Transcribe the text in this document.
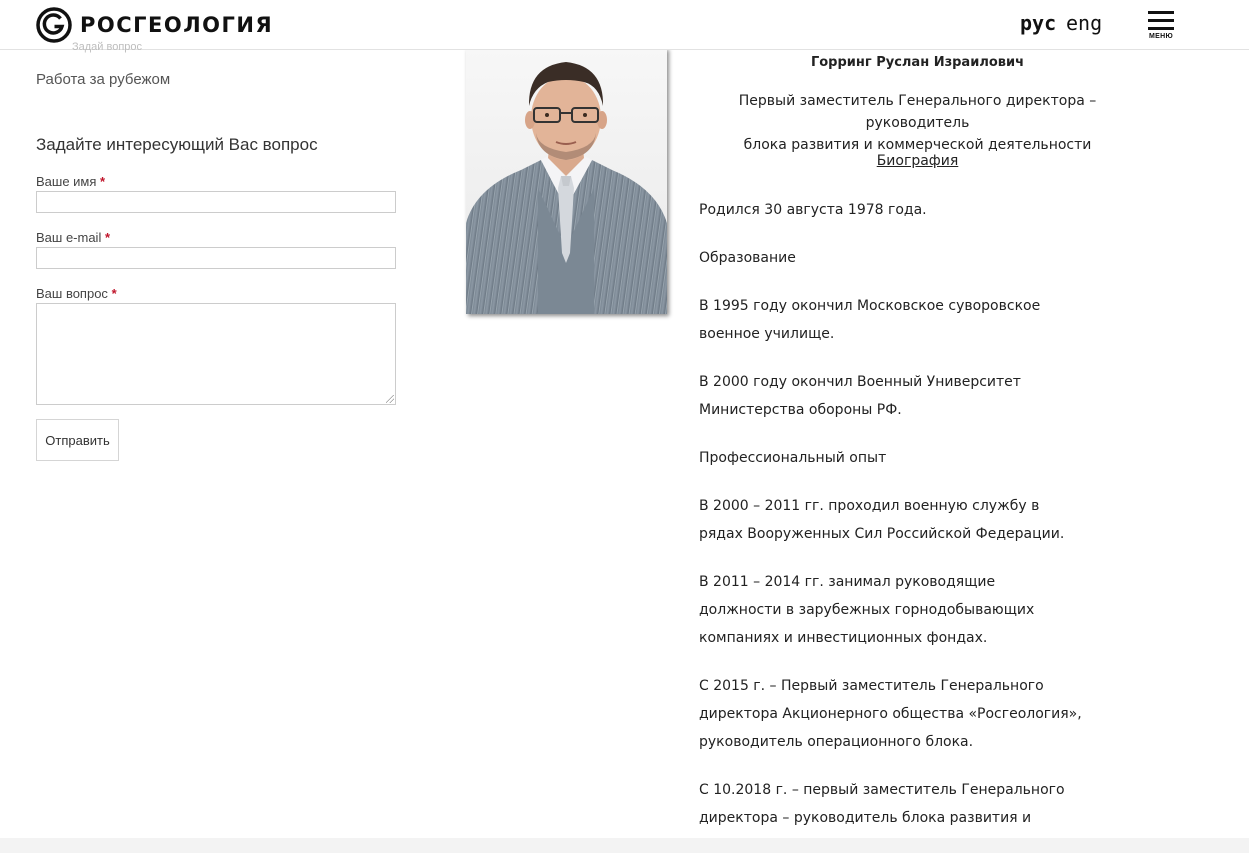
РОСГЕОЛОГИЯ	рус eng
МЕНЮ
Задай вопрос
Работа за рубежом
Задайте интересующий Вас вопрос
Ваше имя *
Ваш e-mail *
Ваш вопрос *
Отправить
Горринг Руслан Израилович
Первый заместитель Генерального директора – руководитель
блока развития и коммерческой деятельности
Биография
Родился 30 августа 1978 года.
Образование
В 1995 году окончил Московское суворовское военное училище.
В 2000 году окончил Военный Университет Министерства обороны РФ.
Профессиональный опыт
В 2000 – 2011 гг. проходил военную службу в рядах Вооруженных Сил Российской Федерации.
В 2011 – 2014 гг. занимал руководящие должности в зарубежных горнодобывающих компаниях и инвестиционных фондах.
С 2015 г. – Первый заместитель Генерального директора Акционерного общества «Росгеология», руководитель операционного блока.
С 10.2018 г. – первый заместитель Генерального директора – руководитель блока развития и
